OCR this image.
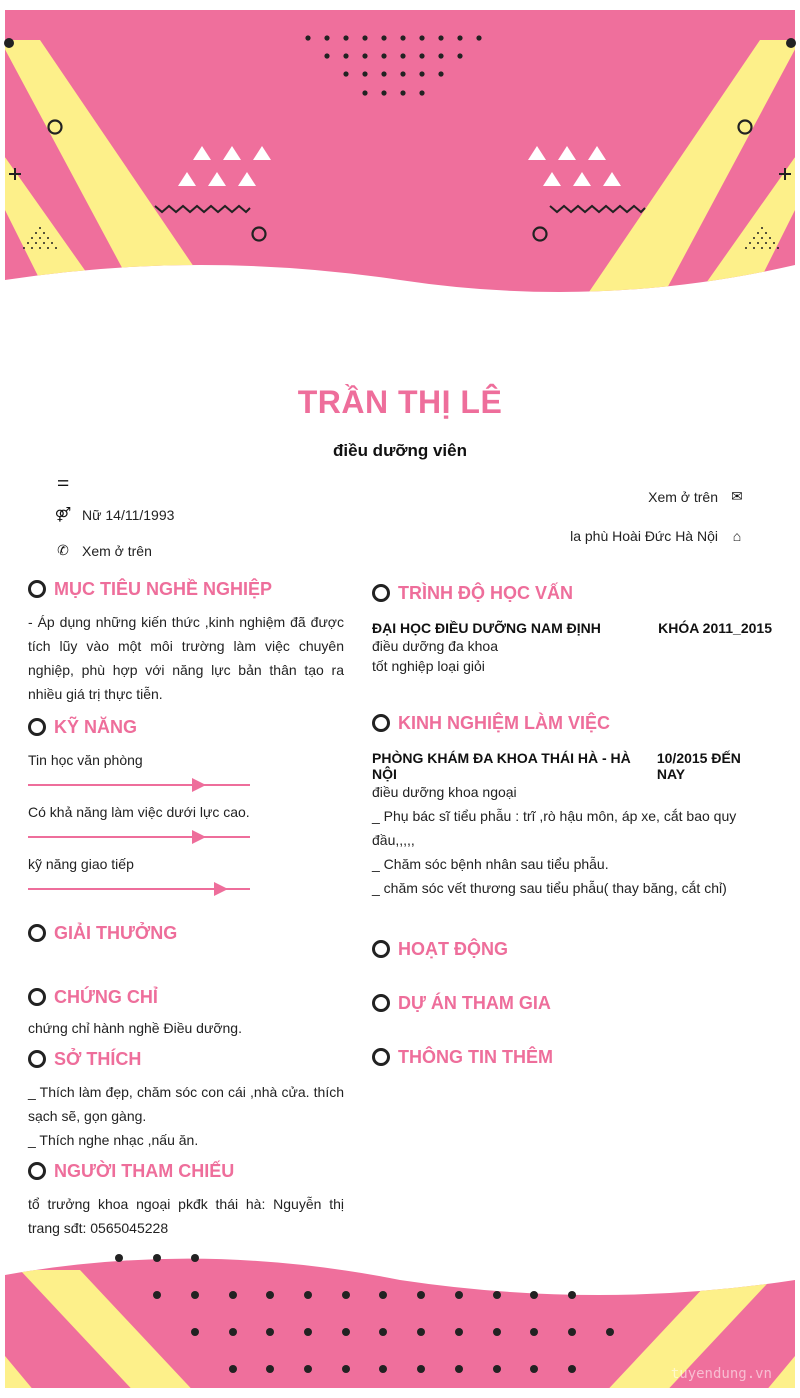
TRẦN THỊ LÊ
điều dưỡng viên
⚌
⚤ Nữ 14/11/1993
✆ Xem ở trên
Xem ở trên ✉
la phù Hoài Đức Hà Nội	⌂
MỤC TIÊU NGHỀ NGHIỆP
- Áp dụng những kiến thức ,kinh nghiệm đã được tích lũy vào một môi trường làm việc chuyên nghiệp, phù hợp với năng lực bản thân tạo ra nhiều giá trị thực tiễn.
KỸ NĂNG
Tin học văn phòng
Có khả năng làm việc dưới lực cao.
kỹ năng giao tiếp
GIẢI THƯỞNG
CHỨNG CHỈ
chứng chỉ hành nghề Điều dưỡng.
SỞ THÍCH
_ Thích làm đẹp, chăm sóc con cái ,nhà cửa. thích sạch sẽ, gọn gàng.
_ Thích nghe nhạc ,nấu ăn.
NGƯỜI THAM CHIẾU
tổ trưởng khoa ngoại pkđk thái hà: Nguyễn thị trang sđt: 0565045228
TRÌNH ĐỘ HỌC VẤN
ĐẠI HỌC ĐIỀU DƯỠNG NAM ĐỊNH	KHÓA 2011_2015
điều dưỡng đa khoa
tốt nghiệp loại giỏi
KINH NGHIỆM LÀM VIỆC
PHÒNG KHÁM ĐA KHOA THÁI HÀ - HÀ NỘI
10/2015 ĐẾN NAY
điều dưỡng khoa ngoại
_ Phụ bác sĩ tiểu phẫu : trĩ ,rò hậu môn, áp xe, cắt bao quy đầu,,,,,
_ Chăm sóc bệnh nhân sau tiểu phẫu.
_ chăm sóc vết thương sau tiểu phẫu( thay băng, cắt chỉ)
HOẠT ĐỘNG
DỰ ÁN THAM GIA
THÔNG TIN THÊM
tuyendung.vn
